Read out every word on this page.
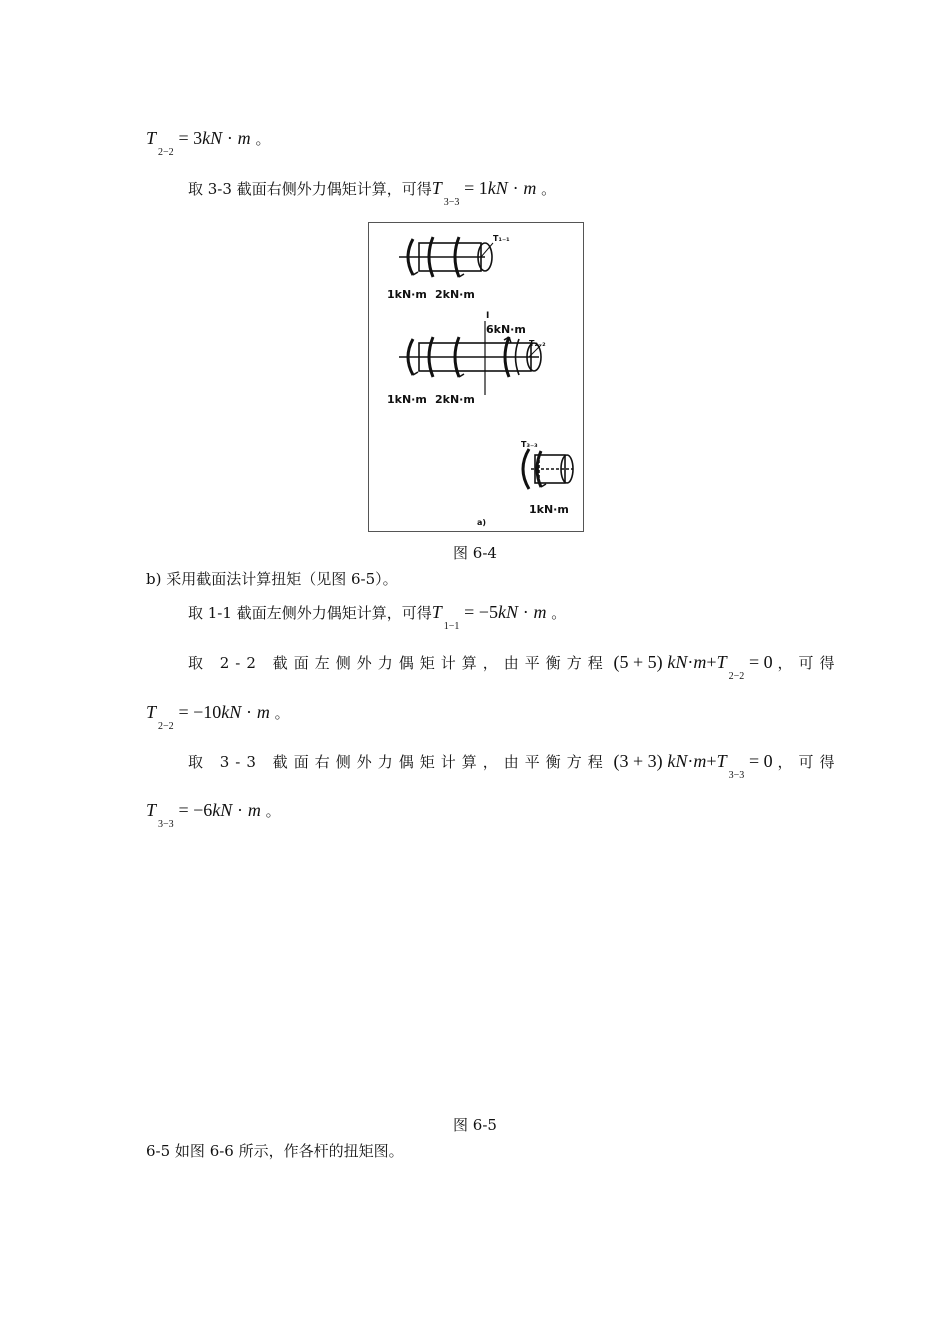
$T_{2-2} = 3kN \cdot m$ 。
取 3-3 截面右侧外力偶矩计算，可得$T_{3-3} = 1kN \cdot m$ 。
T₁₋₁
1kN·m 2kN·m
I
6kN·m
T₂₋₂
1kN·m 2kN·m
T₃₋₃
1kN·m
a)
图 6-4
b) 采用截面法计算扭矩（见图 6-5）。
取 1-1 截面左侧外力偶矩计算，可得$T_{1-1} = -5kN \cdot m$ 。
取 2-2 截面左侧外力偶矩计算，由平衡方程 (5 + 5) $kN\cdot m+T_{2-2} = 0$ ，可得
$T_{2-2} = -10kN \cdot m$ 。
取 3-3 截面右侧外力偶矩计算，由平衡方程 (3 + 3) $kN\cdot m+T_{3-3} = 0$ ，可得
$T_{3-3} = -6kN \cdot m$ 。
图 6-5
6-5 如图 6-6 所示，作各杆的扭矩图。
